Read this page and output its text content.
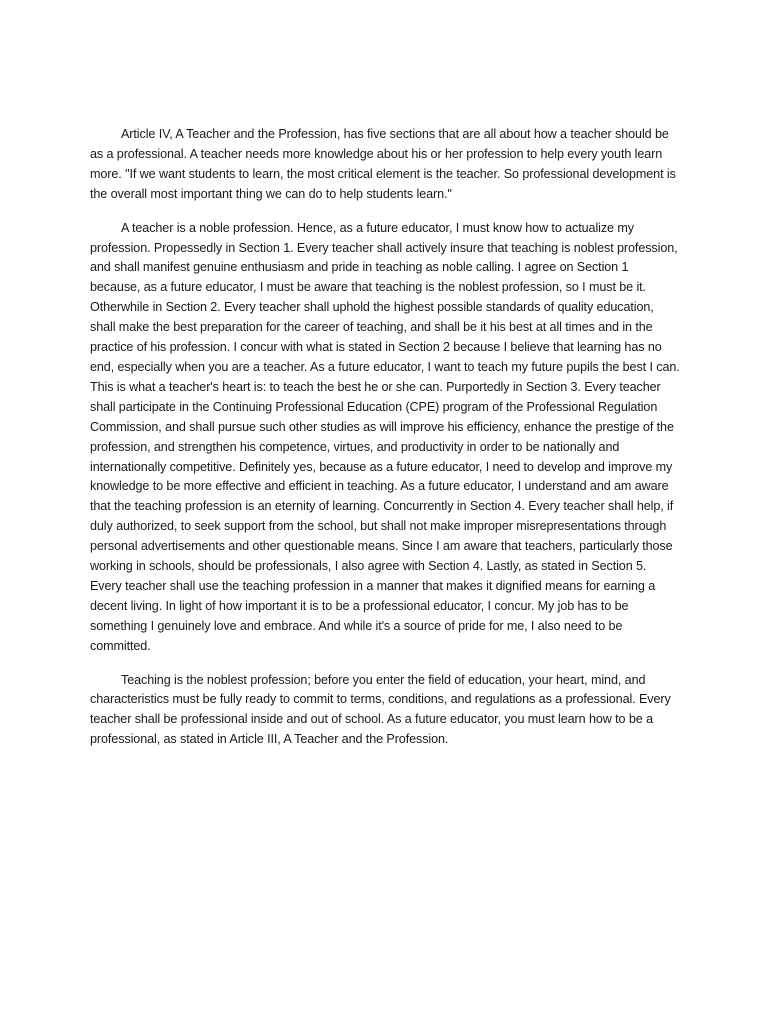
Article IV, A Teacher and the Profession, has five sections that are all about how a teacher should be as a professional. A teacher needs more knowledge about his or her profession to help every youth learn more. "If we want students to learn, the most critical element is the teacher. So professional development is the overall most important thing we can do to help students learn."

A teacher is a noble profession. Hence, as a future educator, I must know how to actualize my profession. Propessedly in Section 1. Every teacher shall actively insure that teaching is noblest profession, and shall manifest genuine enthusiasm and pride in teaching as noble calling. I agree on Section 1 because, as a future educator, I must be aware that teaching is the noblest profession, so I must be it. Otherwhile in Section 2. Every teacher shall uphold the highest possible standards of quality education, shall make the best preparation for the career of teaching, and shall be it his best at all times and in the practice of his profession. I concur with what is stated in Section 2 because I believe that learning has no end, especially when you are a teacher. As a future educator, I want to teach my future pupils the best I can. This is what a teacher's heart is: to teach the best he or she can. Purportedly in Section 3. Every teacher shall participate in the Continuing Professional Education (CPE) program of the Professional Regulation Commission, and shall pursue such other studies as will improve his efficiency, enhance the prestige of the profession, and strengthen his competence, virtues, and productivity in order to be nationally and internationally competitive. Definitely yes, because as a future educator, I need to develop and improve my knowledge to be more effective and efficient in teaching. As a future educator, I understand and am aware that the teaching profession is an eternity of learning. Concurrently in Section 4. Every teacher shall help, if duly authorized, to seek support from the school, but shall not make improper misrepresentations through personal advertisements and other questionable means. Since I am aware that teachers, particularly those working in schools, should be professionals, I also agree with Section 4. Lastly, as stated in Section 5. Every teacher shall use the teaching profession in a manner that makes it dignified means for earning a decent living. In light of how important it is to be a professional educator, I concur. My job has to be something I genuinely love and embrace. And while it's a source of pride for me, I also need to be committed.

Teaching is the noblest profession; before you enter the field of education, your heart, mind, and characteristics must be fully ready to commit to terms, conditions, and regulations as a professional. Every teacher shall be professional inside and out of school. As a future educator, you must learn how to be a professional, as stated in Article III, A Teacher and the Profession.
